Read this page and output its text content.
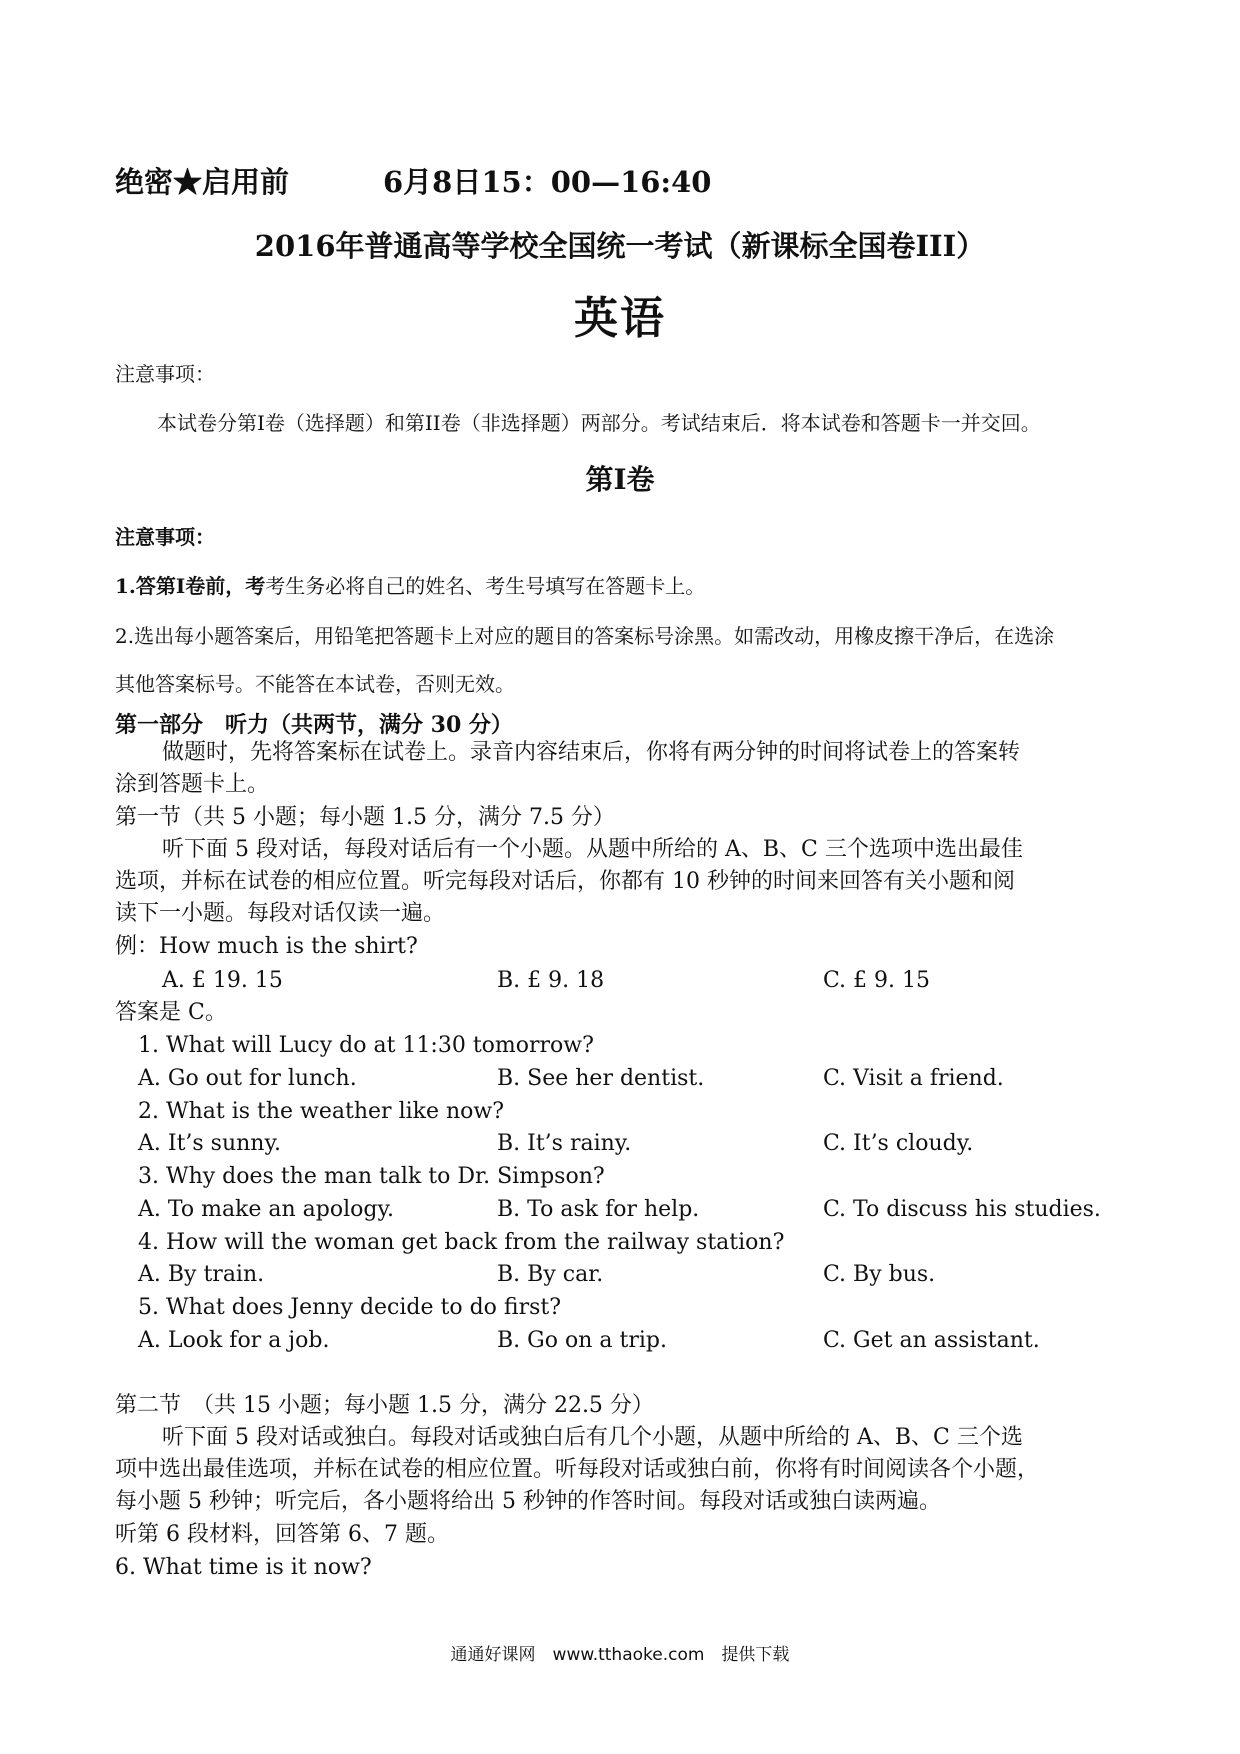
绝密★启用前	6月8日15：00—16:40
2016年普通高等学校全国统一考试（新课标全国卷III）
英语
注意事项：
本试卷分第I卷（选择题）和第II卷（非选择题）两部分。考试结束后．将本试卷和答题卡一并交回。
第I卷
注意事项：
1.答第I卷前，考考生务必将自己的姓名、考生号填写在答题卡上。
2.选出每小题答案后，用铅笔把答题卡上对应的题目的答案标号涂黑。如需改动，用橡皮擦干净后，在选涂
其他答案标号。不能答在本试卷，否则无效。
第一部分　听力（共两节，满分 30 分）
做题时，先将答案标在试卷上。录音内容结束后，你将有两分钟的时间将试卷上的答案转
涂到答题卡上。
第一节（共 5 小题；每小题 1.5 分，满分 7.5 分）
听下面 5 段对话，每段对话后有一个小题。从题中所给的 A、B、C 三个选项中选出最佳
选项，并标在试卷的相应位置。听完每段对话后，你都有 10 秒钟的时间来回答有关小题和阅
读下一小题。每段对话仅读一遍。
例：How much is the shirt?
A. £ 19. 15	B. £ 9. 18	C. £ 9. 15
答案是 C。
1. What will Lucy do at 11:30 tomorrow?
A. Go out for lunch.	B. See her dentist.	C. Visit a friend.
2. What is the weather like now?
A. It’s sunny.	B. It’s rainy.	C. It’s cloudy.
3. Why does the man talk to Dr. Simpson?
A. To make an apology.	B. To ask for help.	C. To discuss his studies.
4. How will the woman get back from the railway station?
A. By train.	B. By car.	C. By bus.
5. What does Jenny decide to do first?
A. Look for a job.	B. Go on a trip.	C. Get an assistant.
第二节　（共 15 小题；每小题 1.5 分，满分 22.5 分）
听下面 5 段对话或独白。每段对话或独白后有几个小题，从题中所给的 A、B、C 三个选
项中选出最佳选项，并标在试卷的相应位置。听每段对话或独白前，你将有时间阅读各个小题，
每小题 5 秒钟；听完后，各小题将给出 5 秒钟的作答时间。每段对话或独白读两遍。
听第 6 段材料，回答第 6、7 题。
6. What time is it now?
通通好课网　www.tthaoke.com　提供下载
